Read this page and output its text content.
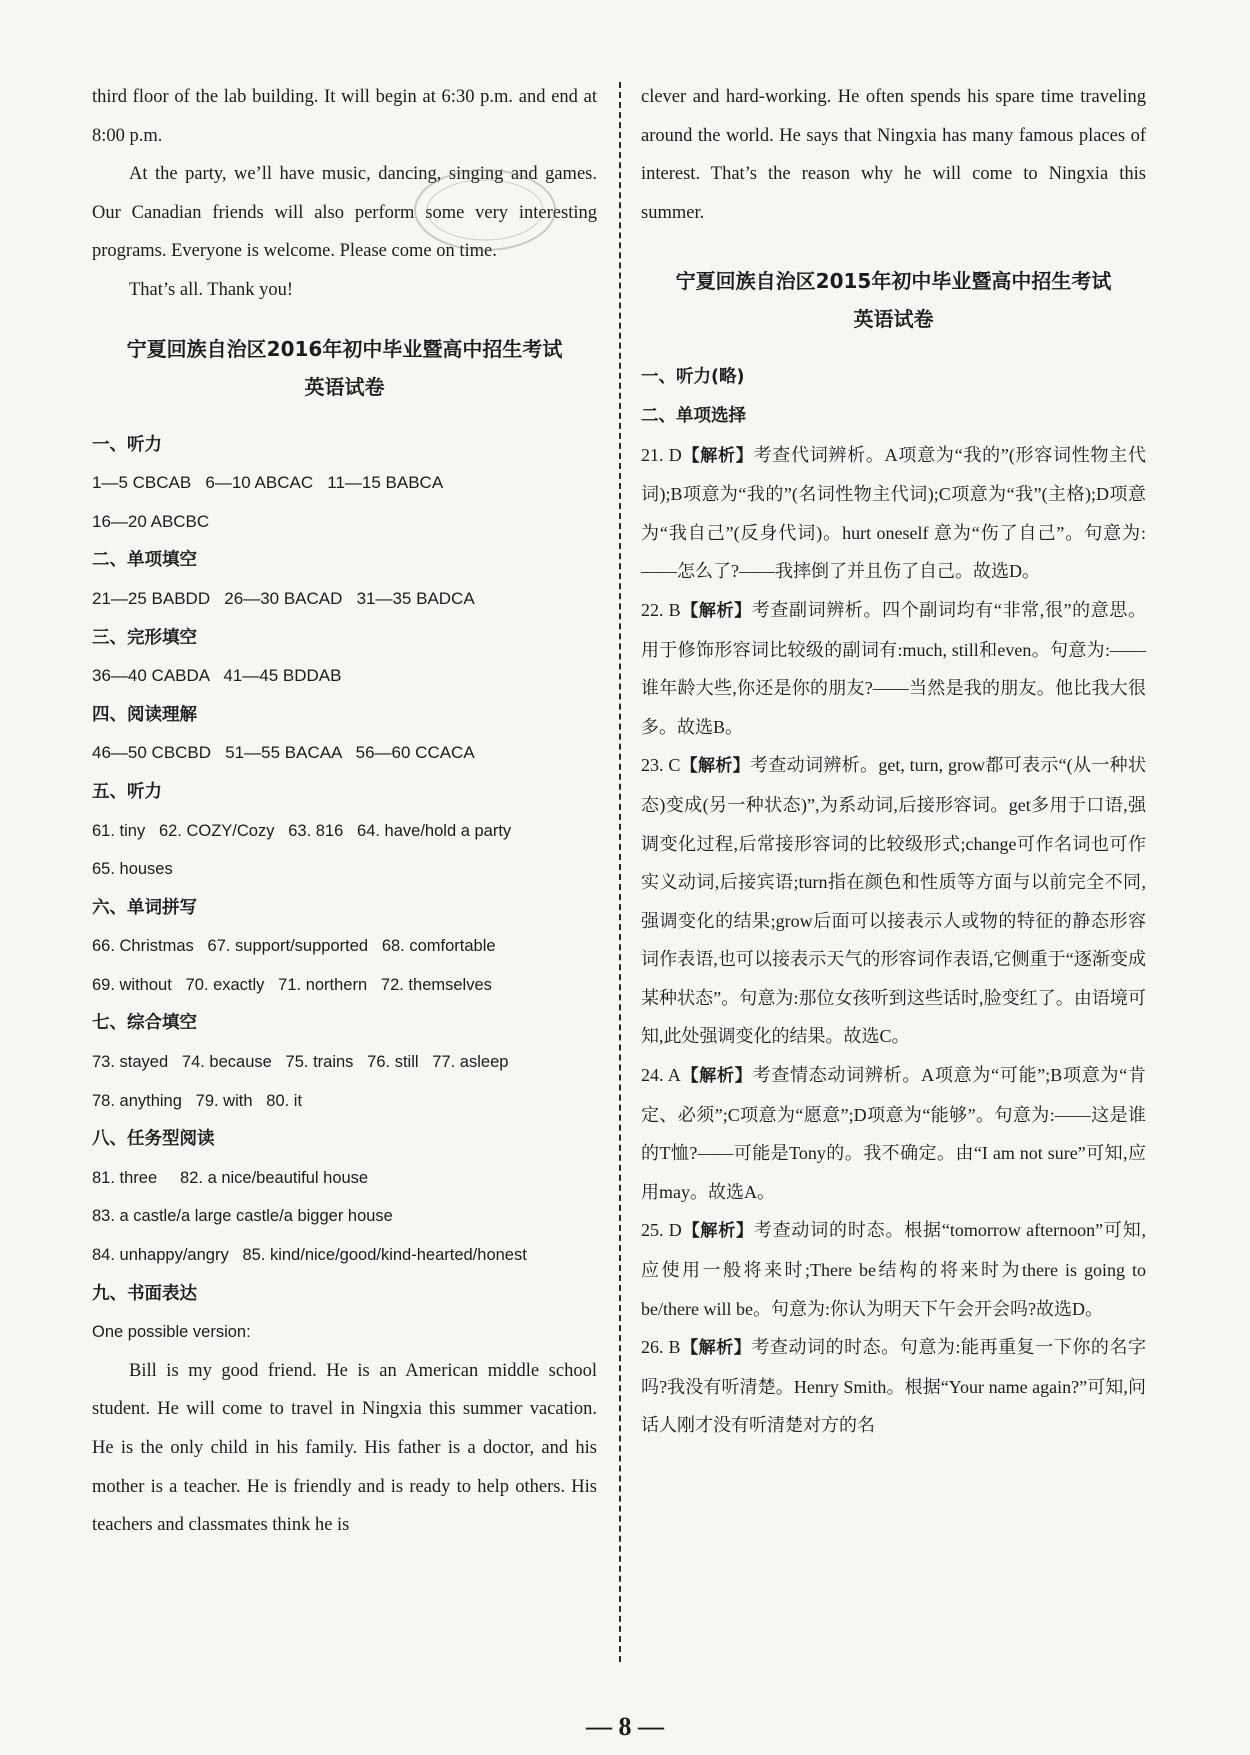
third floor of the lab building. It will begin at 6:30 p.m. and end at 8:00 p.m.

At the party, we’ll have music, dancing, singing and games. Our Canadian friends will also perform some very interesting programs. Everyone is welcome. Please come on time.

That’s all. Thank you!

宁夏回族自治区2016年初中毕业暨高中招生考试
英语试卷
一、听力
1—5 CBCAB   6—10 ABCAC   11—15 BABCA
16—20 ABCBC
二、单项填空
21—25 BABDD   26—30 BACAD   31—35 BADCA
三、完形填空
36—40 CABDA   41—45 BDDAB
四、阅读理解
46—50 CBCBD   51—55 BACAA   56—60 CCACA
五、听力
61. tiny   62. COZY/Cozy   63. 816   64. have/hold a party
65. houses
六、单词拼写
66. Christmas   67. support/supported   68. comfortable
69. without   70. exactly   71. northern   72. themselves
七、综合填空
73. stayed   74. because   75. trains   76. still   77. asleep
78. anything   79. with   80. it
八、任务型阅读
81. three     82. a nice/beautiful house
83. a castle/a large castle/a bigger house
84. unhappy/angry   85. kind/nice/good/kind-hearted/honest
九、书面表达
One possible version:

Bill is my good friend. He is an American middle school student. He will come to travel in Ningxia this summer vacation. He is the only child in his family. His father is a doctor, and his mother is a teacher. He is friendly and is ready to help others. His teachers and classmates think he is

clever and hard-working. He often spends his spare time traveling around the world. He says that Ningxia has many famous places of interest. That’s the reason why he will come to Ningxia this summer.

宁夏回族自治区2015年初中毕业暨高中招生考试
英语试卷
一、听力(略)
二、单项选择
21. D【解析】考查代词辨析。A项意为“我的”(形容词性物主代词);B项意为“我的”(名词性物主代词);C项意为“我”(主格);D项意为“我自己”(反身代词)。hurt oneself 意为“伤了自己”。句意为:——怎么了?——我摔倒了并且伤了自己。故选D。
22. B【解析】考查副词辨析。四个副词均有“非常,很”的意思。用于修饰形容词比较级的副词有:much, still和even。句意为:——谁年龄大些,你还是你的朋友?——当然是我的朋友。他比我大很多。故选B。
23. C【解析】考查动词辨析。get, turn, grow都可表示“(从一种状态)变成(另一种状态)”,为系动词,后接形容词。get多用于口语,强调变化过程,后常接形容词的比较级形式;change可作名词也可作实义动词,后接宾语;turn指在颜色和性质等方面与以前完全不同,强调变化的结果;grow后面可以接表示人或物的特征的静态形容词作表语,也可以接表示天气的形容词作表语,它侧重于“逐渐变成某种状态”。句意为:那位女孩听到这些话时,脸变红了。由语境可知,此处强调变化的结果。故选C。
24. A【解析】考查情态动词辨析。A项意为“可能”;B项意为“肯定、必须”;C项意为“愿意”;D项意为“能够”。句意为:——这是谁的T恤?——可能是Tony的。我不确定。由“I am not sure”可知,应用may。故选A。
25. D【解析】考查动词的时态。根据“tomorrow afternoon”可知,应使用一般将来时;There be结构的将来时为there is going to be/there will be。句意为:你认为明天下午会开会吗?故选D。
26. B【解析】考查动词的时态。句意为:能再重复一下你的名字吗?我没有听清楚。Henry Smith。根据“Your name again?”可知,问话人刚才没有听清楚对方的名
— 8 —
